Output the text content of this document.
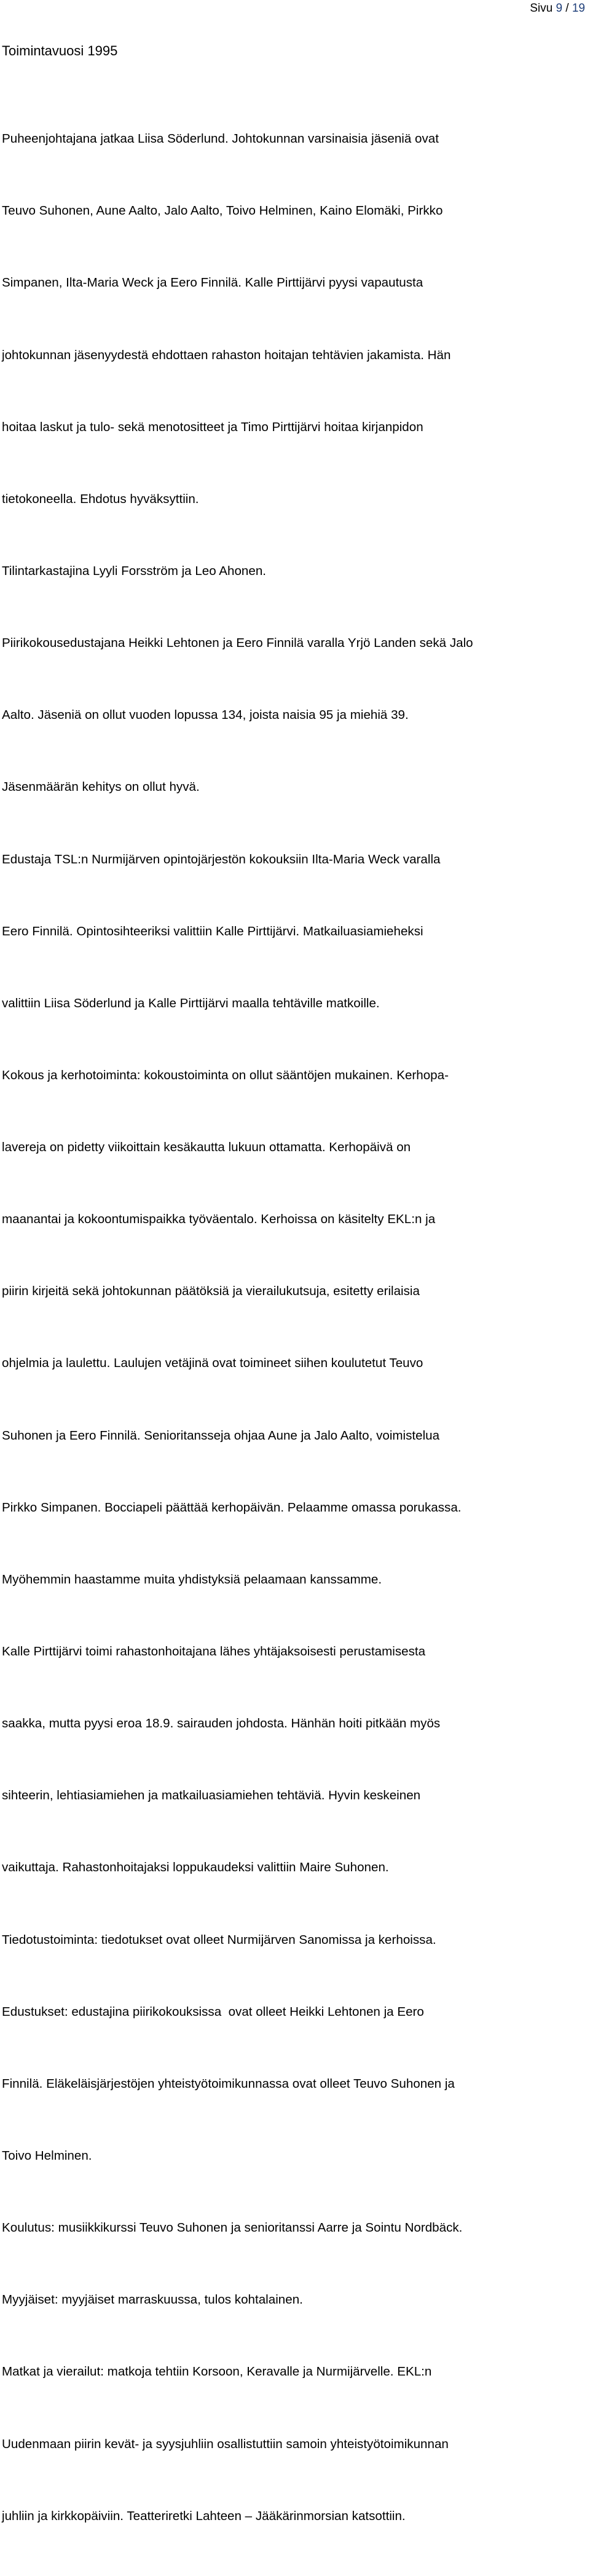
Sivu 9 / 19
Toimintavuosi 1995

Puheenjohtajana jatkaa Liisa Söderlund. Johtokunnan varsinaisia jäseniä ovat

Teuvo Suhonen, Aune Aalto, Jalo Aalto, Toivo Helminen, Kaino Elomäki, Pirkko

Simpanen, Ilta-Maria Weck ja Eero Finnilä. Kalle Pirttijärvi pyysi vapautusta

johtokunnan jäsenyydestä ehdottaen rahaston hoitajan tehtävien jakamista. Hän

hoitaa laskut ja tulo- sekä menotositteet ja Timo Pirttijärvi hoitaa kirjanpidon

tietokoneella. Ehdotus hyväksyttiin.

Tilintarkastajina Lyyli Forsström ja Leo Ahonen.

Piirikokousedustajana Heikki Lehtonen ja Eero Finnilä varalla Yrjö Landen sekä Jalo

Aalto. Jäseniä on ollut vuoden lopussa 134, joista naisia 95 ja miehiä 39.

Jäsenmäärän kehitys on ollut hyvä.

Edustaja TSL:n Nurmijärven opintojärjestön kokouksiin Ilta-Maria Weck varalla

Eero Finnilä. Opintosihteeriksi valittiin Kalle Pirttijärvi. Matkailuasiamieheksi

valittiin Liisa Söderlund ja Kalle Pirttijärvi maalla tehtäville matkoille.

Kokous ja kerhotoiminta: kokoustoiminta on ollut sääntöjen mukainen. Kerhopa-

lavereja on pidetty viikoittain kesäkautta lukuun ottamatta. Kerhopäivä on

maanantai ja kokoontumispaikka työväentalo. Kerhoissa on käsitelty EKL:n ja

piirin kirjeitä sekä johtokunnan päätöksiä ja vierailukutsuja, esitetty erilaisia

ohjelmia ja laulettu. Laulujen vetäjinä ovat toimineet siihen koulutetut Teuvo

Suhonen ja Eero Finnilä. Senioritansseja ohjaa Aune ja Jalo Aalto, voimistelua

Pirkko Simpanen. Bocciapeli päättää kerhopäivän. Pelaamme omassa porukassa.

Myöhemmin haastamme muita yhdistyksiä pelaamaan kanssamme.

Kalle Pirttijärvi toimi rahastonhoitajana lähes yhtäjaksoisesti perustamisesta

saakka, mutta pyysi eroa 18.9. sairauden johdosta. Hänhän hoiti pitkään myös

sihteerin, lehtiasiamiehen ja matkailuasiamiehen tehtäviä. Hyvin keskeinen

vaikuttaja. Rahastonhoitajaksi loppukaudeksi valittiin Maire Suhonen.

Tiedotustoiminta: tiedotukset ovat olleet Nurmijärven Sanomissa ja kerhoissa.

Edustukset: edustajina piirikokouksissa  ovat olleet Heikki Lehtonen ja Eero

Finnilä. Eläkeläisjärjestöjen yhteistyötoimikunnassa ovat olleet Teuvo Suhonen ja

Toivo Helminen.

Koulutus: musiikkikurssi Teuvo Suhonen ja senioritanssi Aarre ja Sointu Nordbäck.

Myyjäiset: myyjäiset marraskuussa, tulos kohtalainen.

Matkat ja vierailut: matkoja tehtiin Korsoon, Keravalle ja Nurmijärvelle. EKL:n

Uudenmaan piirin kevät- ja syysjuhliin osallistuttiin samoin yhteistyötoimikunnan

juhliin ja kirkkopäiviin. Teatteriretki Lahteen – Jääkärinmorsian katsottiin.
